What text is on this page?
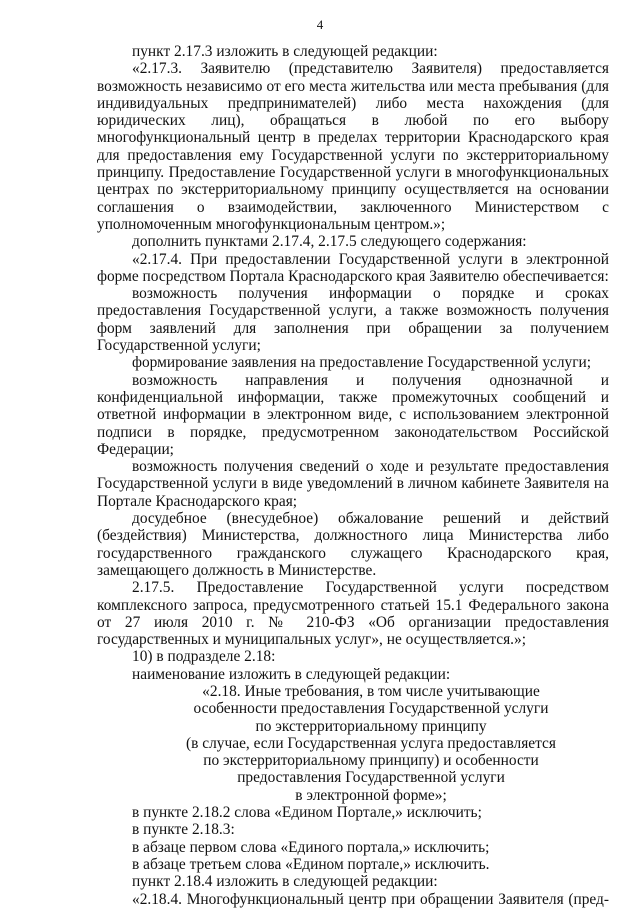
4

пункт 2.17.3 изложить в следующей редакции:

«2.17.3. Заявителю (представителю Заявителя) предоставляется возможность независимо от его места жительства или места пребывания (для индивидуальных предпринимателей) либо места нахождения (для юридических лиц), обращаться в любой по его выбору многофункциональный центр в пределах территории Краснодарского края для предоставления ему Государственной услуги по экстерриториальному принципу. Предоставление Государственной услуги в многофункциональных центрах по экстерриториальному принципу осуществляется на основании соглашения о взаимодействии, заключенного Министерством с уполномоченным многофункциональным центром.»;

дополнить пунктами 2.17.4, 2.17.5 следующего содержания:

«2.17.4. При предоставлении Государственной услуги в электронной форме посредством Портала Краснодарского края Заявителю обеспечивается:

возможность получения информации о порядке и сроках предоставления Государственной услуги, а также возможность получения форм заявлений для заполнения при обращении за получением Государственной услуги;

формирование заявления на предоставление Государственной услуги;

возможность направления и получения однозначной и конфиденциальной информации, также промежуточных сообщений и ответной информации в электронном виде, с использованием электронной подписи в порядке, предусмотренном законодательством Российской Федерации;

возможность получения сведений о ходе и результате предоставления Государственной услуги в виде уведомлений в личном кабинете Заявителя на Портале Краснодарского края;

досудебное (внесудебное) обжалование решений и действий (бездействия) Министерства, должностного лица Министерства либо государственного гражданского служащего Краснодарского края, замещающего должность в Министерстве.

2.17.5. Предоставление Государственной услуги посредством комплексного запроса, предусмотренного статьей 15.1 Федерального закона от 27 июля 2010 г. № 210-ФЗ «Об организации предоставления государственных и муниципальных услуг», не осуществляется.»;

10) в подразделе 2.18:

наименование изложить в следующей редакции:

«2.18. Иные требования, в том числе учитывающие

особенности предоставления Государственной услуги

по экстерриториальному принципу

(в случае, если Государственная услуга предоставляется

по экстерриториальному принципу) и особенности

предоставления Государственной услуги

в электронной форме»;

в пункте 2.18.2 слова «Едином Портале,» исключить;

в пункте 2.18.3:

в абзаце первом слова «Единого портала,» исключить;

в абзаце третьем слова «Едином портале,» исключить.

пункт 2.18.4 изложить в следующей редакции:

«2.18.4. Многофункциональный центр при обращении Заявителя (пред-
